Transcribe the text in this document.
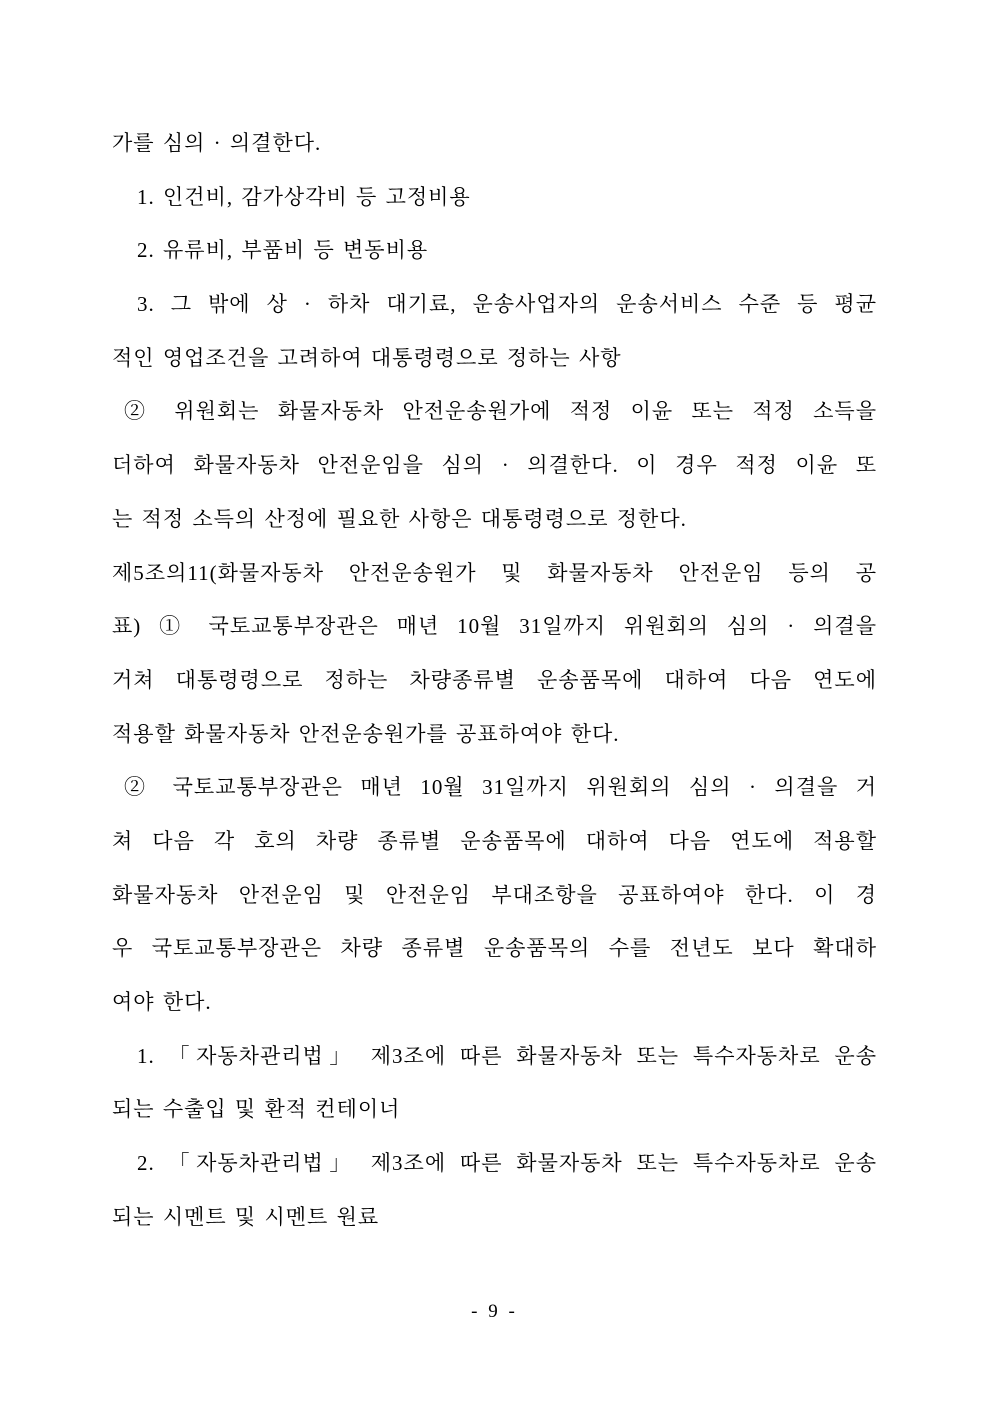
가를 심의 · 의결한다.
1. 인건비, 감가상각비 등 고정비용
2. 유류비, 부품비 등 변동비용
3. 그 밖에 상 · 하차 대기료, 운송사업자의 운송서비스 수준 등 평균
적인 영업조건을 고려하여 대통령령으로 정하는 사항
② 위원회는 화물자동차 안전운송원가에 적정 이윤 또는 적정 소득을
더하여 화물자동차 안전운임을 심의 · 의결한다. 이 경우 적정 이윤 또
는 적정 소득의 산정에 필요한 사항은 대통령령으로 정한다.
제5조의11(화물자동차 안전운송원가 및 화물자동차 안전운임 등의 공
표) ① 국토교통부장관은 매년 10월 31일까지 위원회의 심의 · 의결을
거쳐 대통령령으로 정하는 차량종류별 운송품목에 대하여 다음 연도에
적용할 화물자동차 안전운송원가를 공표하여야 한다.
② 국토교통부장관은 매년 10월 31일까지 위원회의 심의 · 의결을 거
쳐 다음 각 호의 차량 종류별 운송품목에 대하여 다음 연도에 적용할
화물자동차 안전운임 및 안전운임 부대조항을 공표하여야 한다. 이 경
우 국토교통부장관은 차량 종류별 운송품목의 수를 전년도 보다 확대하
여야 한다.
1. 「자동차관리법」 제3조에 따른 화물자동차 또는 특수자동차로 운송
되는 수출입 및 환적 컨테이너
2. 「자동차관리법」 제3조에 따른 화물자동차 또는 특수자동차로 운송
되는 시멘트 및 시멘트 원료
- 9 -
